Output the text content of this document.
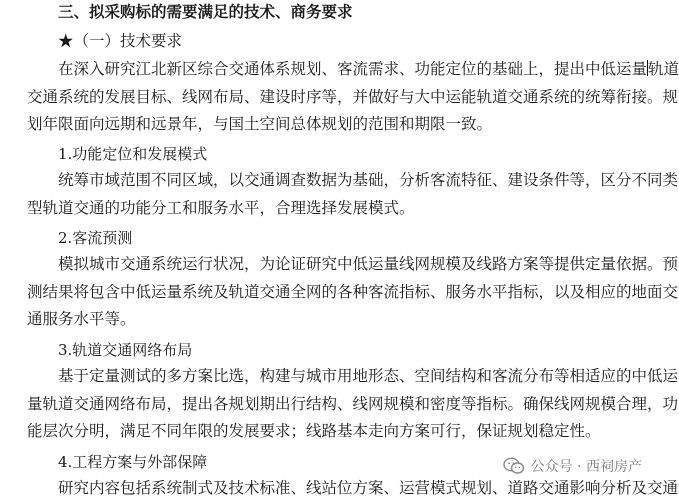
三、拟采购标的需要满足的技术、商务要求
★（一）技术要求
在深入研究江北新区综合交通体系规划、客流需求、功能定位的基础上，提出中低运量轨道
交通系统的发展目标、线网布局、建设时序等，并做好与大中运能轨道交通系统的统筹衔接。规
划年限面向远期和远景年，与国土空间总体规划的范围和期限一致。
1.功能定位和发展模式
统筹市域范围不同区域，以交通调查数据为基础，分析客流特征、建设条件等，区分不同类
型轨道交通的功能分工和服务水平，合理选择发展模式。
2.客流预测
模拟城市交通系统运行状况，为论证研究中低运量线网规模及线路方案等提供定量依据。预
测结果将包含中低运量系统及轨道交通全网的各种客流指标、服务水平指标，以及相应的地面交
通服务水平等。
3.轨道交通网络布局
基于定量测试的多方案比选，构建与城市用地形态、空间结构和客流分布等相适应的中低运
量轨道交通网络布局，提出各规划期出行结构、线网规模和密度等指标。确保线网规模合理，功
能层次分明，满足不同年限的发展要求；线路基本走向方案可行，保证规划稳定性。
4.工程方案与外部保障
研究内容包括系统制式及技术标准、线站位方案、运营模式规划、道路交通影响分析及交通
公众号 · 西祠房产
